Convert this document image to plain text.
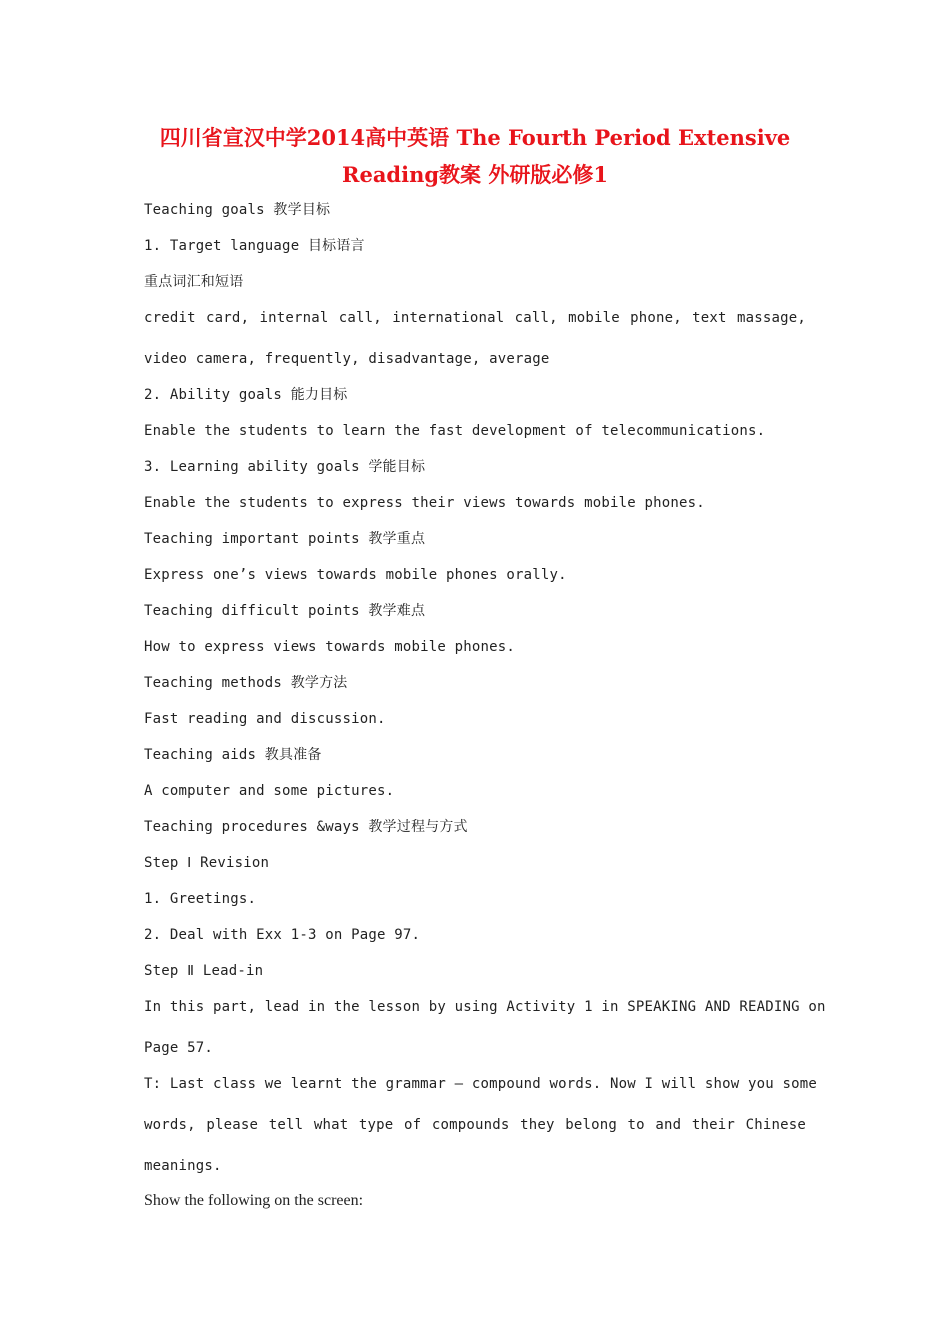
四川省宣汉中学2014高中英语 The Fourth Period Extensive
Reading教案 外研版必修1
Teaching goals 教学目标
1. Target language 目标语言
重点词汇和短语
credit card, internal call, international call, mobile phone, text massage,
video camera, frequently, disadvantage, average
2. Ability goals 能力目标
Enable the students to learn the fast development of telecommunications.
3. Learning ability goals 学能目标
Enable the students to express their views towards mobile phones.
Teaching important points 教学重点
Express one’s views towards mobile phones orally.
Teaching difficult points 教学难点
How to express views towards mobile phones.
Teaching methods 教学方法
Fast reading and discussion.
Teaching aids 教具准备
A computer and some pictures.
Teaching procedures &ways 教学过程与方式
Step Ⅰ Revision
1. Greetings.
2. Deal with Exx 1-3 on Page 97.
Step Ⅱ Lead-in
In this part, lead in the lesson by using Activity 1 in SPEAKING AND READING on
Page 57.
T: Last class we learnt the grammar — compound words. Now I will show you some
words, please tell what type of compounds they belong to and their Chinese
meanings.
Show the following on the screen:
